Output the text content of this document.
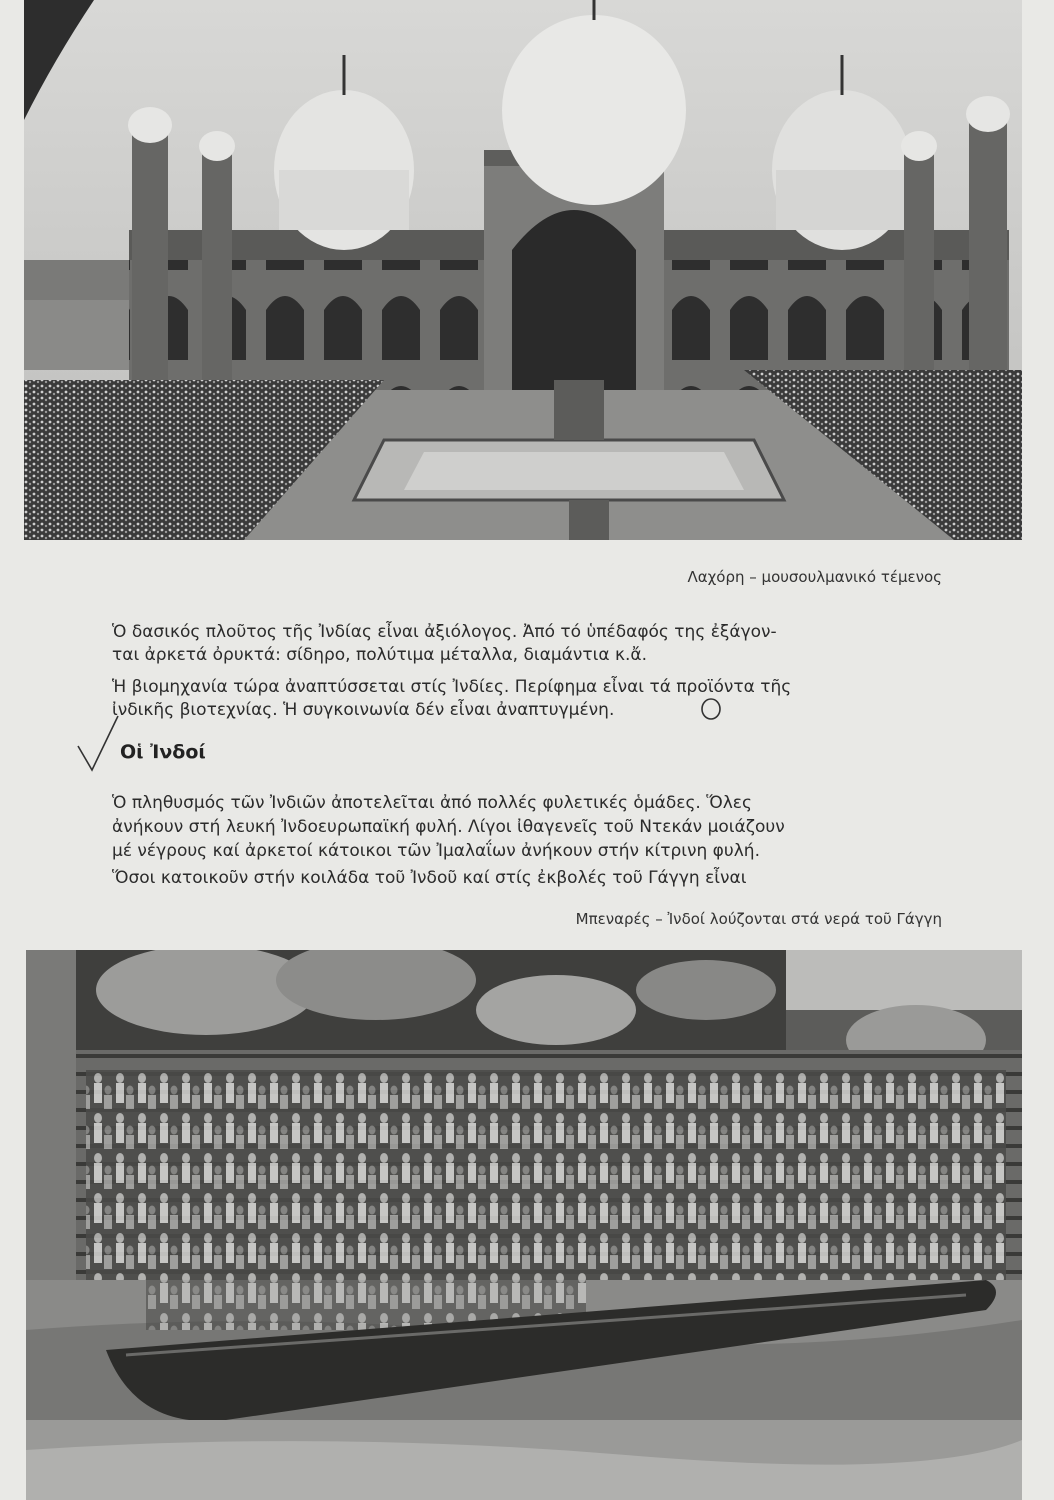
Λαχόρη – μουσουλμανικό τέμενος

Ὁ δασικός πλοῦτος τῆς Ἰνδίας εἶναι ἀξιόλογος. Ἀπό τό ὑπέδαφός της ἐξάγον-
ται ἀρκετά ὀρυκτά: σίδηρο, πολύτιμα μέταλλα, διαμάντια κ.ἄ.

Ἡ βιομηχανία τώρα ἀναπτύσσεται στίς Ἰνδίες. Περίφημα εἶναι τά προϊόντα τῆς
ἰνδικῆς βιοτεχνίας. Ἡ συγκοινωνία δέν εἶναι ἀναπτυγμένη.

Οἱ Ἰνδοί

Ὁ πληθυσμός τῶν Ἰνδιῶν ἀποτελεῖται ἀπό πολλές φυλετικές ὁμάδες. Ὅλες
ἀνήκουν στή λευκή Ἰνδοευρωπαϊκή φυλή. Λίγοι ἰθαγενεῖς τοῦ Ντεκάν μοιάζουν
μέ νέγρους καί ἀρκετοί κάτοικοι τῶν Ἰμαλαΐων ἀνήκουν στήν κίτρινη φυλή.

Ὅσοι κατοικοῦν στήν κοιλάδα τοῦ Ἰνδοῦ καί στίς ἐκβολές τοῦ Γάγγη εἶναι

Μπεναρές – Ἰνδοί λούζονται στά νερά τοῦ Γάγγη
